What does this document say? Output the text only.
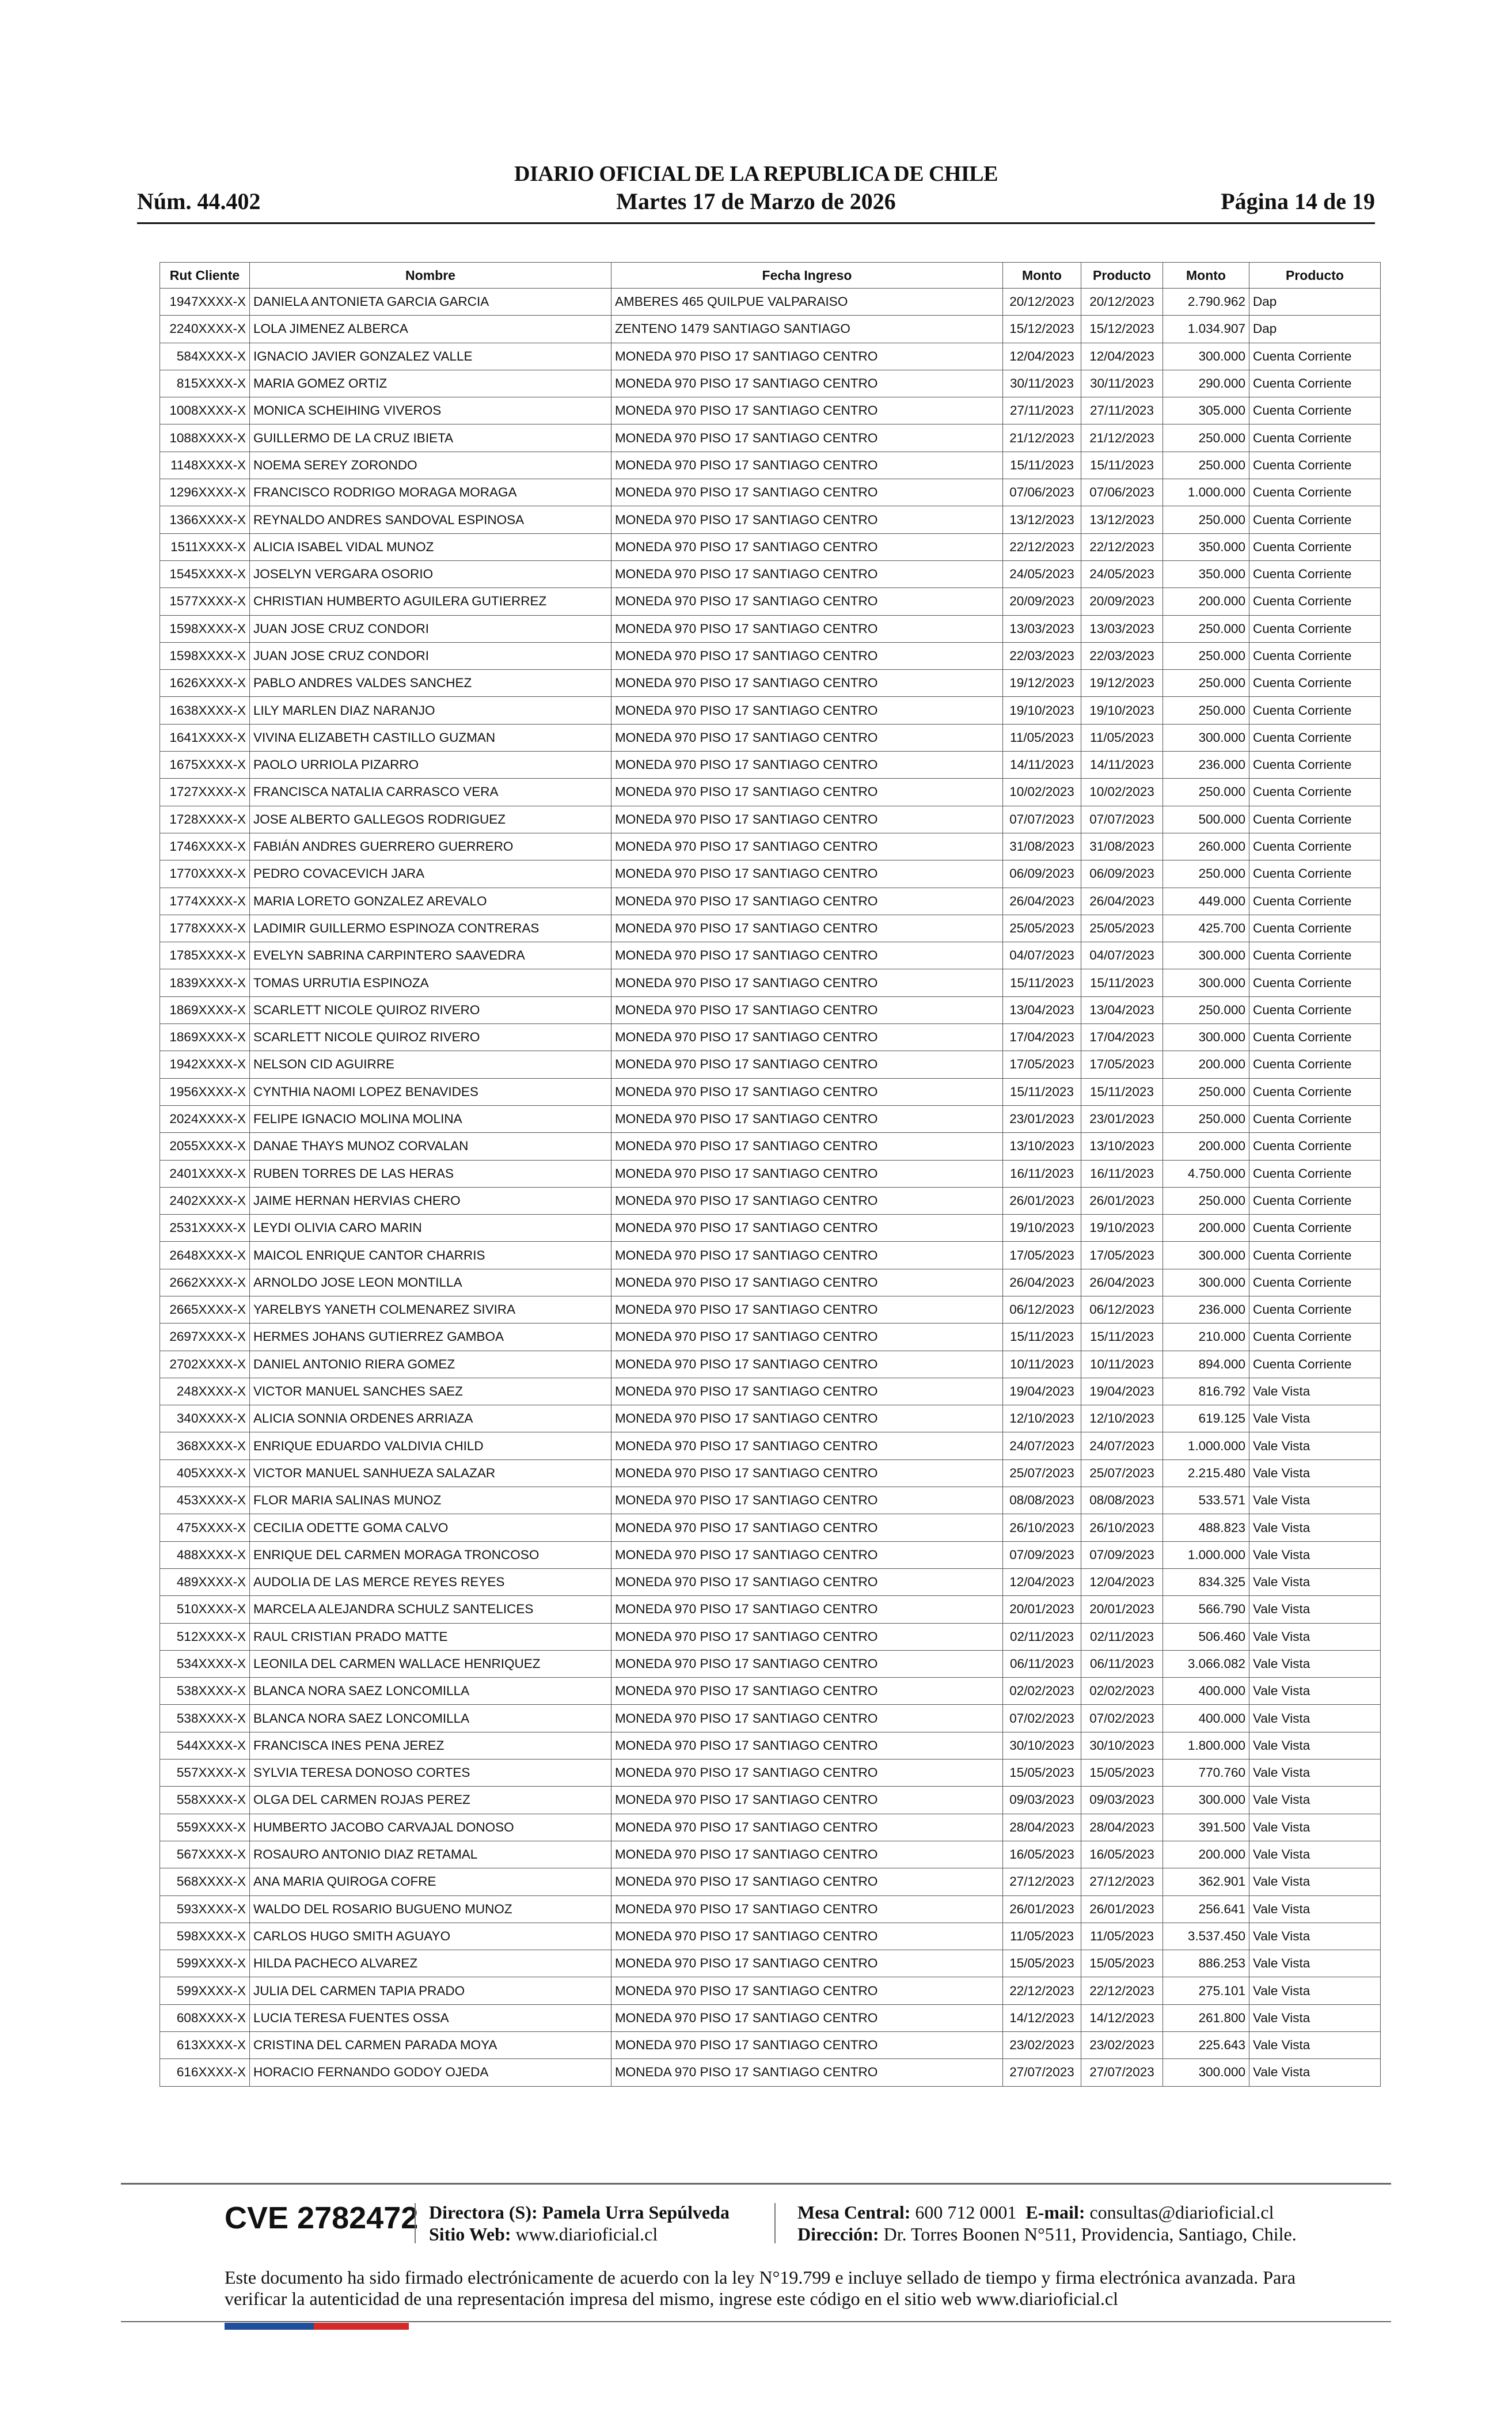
DIARIO OFICIAL DE LA REPUBLICA DE CHILE
Núm. 44.402	Martes 17 de Marzo de 2026	Página 14 de 19
Rut Cliente	Nombre	Fecha Ingreso	Monto	Producto	Monto	Producto
1947XXXX-X	DANIELA ANTONIETA GARCIA GARCIA	AMBERES 465 QUILPUE VALPARAISO	20/12/2023	20/12/2023	2.790.962	Dap
2240XXXX-X	LOLA JIMENEZ ALBERCA	ZENTENO 1479 SANTIAGO SANTIAGO	15/12/2023	15/12/2023	1.034.907	Dap
584XXXX-X	IGNACIO JAVIER GONZALEZ VALLE	MONEDA 970 PISO 17 SANTIAGO CENTRO	12/04/2023	12/04/2023	300.000	Cuenta Corriente
815XXXX-X	MARIA GOMEZ ORTIZ	MONEDA 970 PISO 17 SANTIAGO CENTRO	30/11/2023	30/11/2023	290.000	Cuenta Corriente
1008XXXX-X	MONICA SCHEIHING VIVEROS	MONEDA 970 PISO 17 SANTIAGO CENTRO	27/11/2023	27/11/2023	305.000	Cuenta Corriente
1088XXXX-X	GUILLERMO DE LA CRUZ IBIETA	MONEDA 970 PISO 17 SANTIAGO CENTRO	21/12/2023	21/12/2023	250.000	Cuenta Corriente
1148XXXX-X	NOEMA SEREY ZORONDO	MONEDA 970 PISO 17 SANTIAGO CENTRO	15/11/2023	15/11/2023	250.000	Cuenta Corriente
1296XXXX-X	FRANCISCO RODRIGO MORAGA MORAGA	MONEDA 970 PISO 17 SANTIAGO CENTRO	07/06/2023	07/06/2023	1.000.000	Cuenta Corriente
1366XXXX-X	REYNALDO ANDRES SANDOVAL ESPINOSA	MONEDA 970 PISO 17 SANTIAGO CENTRO	13/12/2023	13/12/2023	250.000	Cuenta Corriente
1511XXXX-X	ALICIA ISABEL VIDAL MUNOZ	MONEDA 970 PISO 17 SANTIAGO CENTRO	22/12/2023	22/12/2023	350.000	Cuenta Corriente
1545XXXX-X	JOSELYN VERGARA OSORIO	MONEDA 970 PISO 17 SANTIAGO CENTRO	24/05/2023	24/05/2023	350.000	Cuenta Corriente
1577XXXX-X	CHRISTIAN HUMBERTO AGUILERA GUTIERREZ	MONEDA 970 PISO 17 SANTIAGO CENTRO	20/09/2023	20/09/2023	200.000	Cuenta Corriente
1598XXXX-X	JUAN JOSE CRUZ CONDORI	MONEDA 970 PISO 17 SANTIAGO CENTRO	13/03/2023	13/03/2023	250.000	Cuenta Corriente
1598XXXX-X	JUAN JOSE CRUZ CONDORI	MONEDA 970 PISO 17 SANTIAGO CENTRO	22/03/2023	22/03/2023	250.000	Cuenta Corriente
1626XXXX-X	PABLO ANDRES VALDES SANCHEZ	MONEDA 970 PISO 17 SANTIAGO CENTRO	19/12/2023	19/12/2023	250.000	Cuenta Corriente
1638XXXX-X	LILY MARLEN DIAZ NARANJO	MONEDA 970 PISO 17 SANTIAGO CENTRO	19/10/2023	19/10/2023	250.000	Cuenta Corriente
1641XXXX-X	VIVINA ELIZABETH CASTILLO GUZMAN	MONEDA 970 PISO 17 SANTIAGO CENTRO	11/05/2023	11/05/2023	300.000	Cuenta Corriente
1675XXXX-X	PAOLO URRIOLA PIZARRO	MONEDA 970 PISO 17 SANTIAGO CENTRO	14/11/2023	14/11/2023	236.000	Cuenta Corriente
1727XXXX-X	FRANCISCA NATALIA CARRASCO VERA	MONEDA 970 PISO 17 SANTIAGO CENTRO	10/02/2023	10/02/2023	250.000	Cuenta Corriente
1728XXXX-X	JOSE ALBERTO GALLEGOS RODRIGUEZ	MONEDA 970 PISO 17 SANTIAGO CENTRO	07/07/2023	07/07/2023	500.000	Cuenta Corriente
1746XXXX-X	FABIÁN ANDRES GUERRERO GUERRERO	MONEDA 970 PISO 17 SANTIAGO CENTRO	31/08/2023	31/08/2023	260.000	Cuenta Corriente
1770XXXX-X	PEDRO COVACEVICH JARA	MONEDA 970 PISO 17 SANTIAGO CENTRO	06/09/2023	06/09/2023	250.000	Cuenta Corriente
1774XXXX-X	MARIA LORETO GONZALEZ AREVALO	MONEDA 970 PISO 17 SANTIAGO CENTRO	26/04/2023	26/04/2023	449.000	Cuenta Corriente
1778XXXX-X	LADIMIR GUILLERMO ESPINOZA CONTRERAS	MONEDA 970 PISO 17 SANTIAGO CENTRO	25/05/2023	25/05/2023	425.700	Cuenta Corriente
1785XXXX-X	EVELYN SABRINA CARPINTERO SAAVEDRA	MONEDA 970 PISO 17 SANTIAGO CENTRO	04/07/2023	04/07/2023	300.000	Cuenta Corriente
1839XXXX-X	TOMAS URRUTIA ESPINOZA	MONEDA 970 PISO 17 SANTIAGO CENTRO	15/11/2023	15/11/2023	300.000	Cuenta Corriente
1869XXXX-X	SCARLETT NICOLE QUIROZ RIVERO	MONEDA 970 PISO 17 SANTIAGO CENTRO	13/04/2023	13/04/2023	250.000	Cuenta Corriente
1869XXXX-X	SCARLETT NICOLE QUIROZ RIVERO	MONEDA 970 PISO 17 SANTIAGO CENTRO	17/04/2023	17/04/2023	300.000	Cuenta Corriente
1942XXXX-X	NELSON CID AGUIRRE	MONEDA 970 PISO 17 SANTIAGO CENTRO	17/05/2023	17/05/2023	200.000	Cuenta Corriente
1956XXXX-X	CYNTHIA NAOMI LOPEZ BENAVIDES	MONEDA 970 PISO 17 SANTIAGO CENTRO	15/11/2023	15/11/2023	250.000	Cuenta Corriente
2024XXXX-X	FELIPE IGNACIO MOLINA MOLINA	MONEDA 970 PISO 17 SANTIAGO CENTRO	23/01/2023	23/01/2023	250.000	Cuenta Corriente
2055XXXX-X	DANAE THAYS MUNOZ CORVALAN	MONEDA 970 PISO 17 SANTIAGO CENTRO	13/10/2023	13/10/2023	200.000	Cuenta Corriente
2401XXXX-X	RUBEN TORRES DE LAS HERAS	MONEDA 970 PISO 17 SANTIAGO CENTRO	16/11/2023	16/11/2023	4.750.000	Cuenta Corriente
2402XXXX-X	JAIME HERNAN HERVIAS CHERO	MONEDA 970 PISO 17 SANTIAGO CENTRO	26/01/2023	26/01/2023	250.000	Cuenta Corriente
2531XXXX-X	LEYDI OLIVIA CARO MARIN	MONEDA 970 PISO 17 SANTIAGO CENTRO	19/10/2023	19/10/2023	200.000	Cuenta Corriente
2648XXXX-X	MAICOL ENRIQUE CANTOR CHARRIS	MONEDA 970 PISO 17 SANTIAGO CENTRO	17/05/2023	17/05/2023	300.000	Cuenta Corriente
2662XXXX-X	ARNOLDO JOSE LEON MONTILLA	MONEDA 970 PISO 17 SANTIAGO CENTRO	26/04/2023	26/04/2023	300.000	Cuenta Corriente
2665XXXX-X	YARELBYS YANETH COLMENAREZ SIVIRA	MONEDA 970 PISO 17 SANTIAGO CENTRO	06/12/2023	06/12/2023	236.000	Cuenta Corriente
2697XXXX-X	HERMES JOHANS GUTIERREZ GAMBOA	MONEDA 970 PISO 17 SANTIAGO CENTRO	15/11/2023	15/11/2023	210.000	Cuenta Corriente
2702XXXX-X	DANIEL ANTONIO RIERA GOMEZ	MONEDA 970 PISO 17 SANTIAGO CENTRO	10/11/2023	10/11/2023	894.000	Cuenta Corriente
248XXXX-X	VICTOR MANUEL SANCHES SAEZ	MONEDA 970 PISO 17 SANTIAGO CENTRO	19/04/2023	19/04/2023	816.792	Vale Vista
340XXXX-X	ALICIA SONNIA ORDENES ARRIAZA	MONEDA 970 PISO 17 SANTIAGO CENTRO	12/10/2023	12/10/2023	619.125	Vale Vista
368XXXX-X	ENRIQUE EDUARDO VALDIVIA CHILD	MONEDA 970 PISO 17 SANTIAGO CENTRO	24/07/2023	24/07/2023	1.000.000	Vale Vista
405XXXX-X	VICTOR MANUEL SANHUEZA SALAZAR	MONEDA 970 PISO 17 SANTIAGO CENTRO	25/07/2023	25/07/2023	2.215.480	Vale Vista
453XXXX-X	FLOR MARIA SALINAS MUNOZ	MONEDA 970 PISO 17 SANTIAGO CENTRO	08/08/2023	08/08/2023	533.571	Vale Vista
475XXXX-X	CECILIA ODETTE GOMA CALVO	MONEDA 970 PISO 17 SANTIAGO CENTRO	26/10/2023	26/10/2023	488.823	Vale Vista
488XXXX-X	ENRIQUE DEL CARMEN MORAGA TRONCOSO	MONEDA 970 PISO 17 SANTIAGO CENTRO	07/09/2023	07/09/2023	1.000.000	Vale Vista
489XXXX-X	AUDOLIA DE LAS MERCE REYES REYES	MONEDA 970 PISO 17 SANTIAGO CENTRO	12/04/2023	12/04/2023	834.325	Vale Vista
510XXXX-X	MARCELA ALEJANDRA SCHULZ SANTELICES	MONEDA 970 PISO 17 SANTIAGO CENTRO	20/01/2023	20/01/2023	566.790	Vale Vista
512XXXX-X	RAUL CRISTIAN PRADO MATTE	MONEDA 970 PISO 17 SANTIAGO CENTRO	02/11/2023	02/11/2023	506.460	Vale Vista
534XXXX-X	LEONILA DEL CARMEN WALLACE HENRIQUEZ	MONEDA 970 PISO 17 SANTIAGO CENTRO	06/11/2023	06/11/2023	3.066.082	Vale Vista
538XXXX-X	BLANCA NORA SAEZ LONCOMILLA	MONEDA 970 PISO 17 SANTIAGO CENTRO	02/02/2023	02/02/2023	400.000	Vale Vista
538XXXX-X	BLANCA NORA SAEZ LONCOMILLA	MONEDA 970 PISO 17 SANTIAGO CENTRO	07/02/2023	07/02/2023	400.000	Vale Vista
544XXXX-X	FRANCISCA INES PENA JEREZ	MONEDA 970 PISO 17 SANTIAGO CENTRO	30/10/2023	30/10/2023	1.800.000	Vale Vista
557XXXX-X	SYLVIA TERESA DONOSO CORTES	MONEDA 970 PISO 17 SANTIAGO CENTRO	15/05/2023	15/05/2023	770.760	Vale Vista
558XXXX-X	OLGA DEL CARMEN ROJAS PEREZ	MONEDA 970 PISO 17 SANTIAGO CENTRO	09/03/2023	09/03/2023	300.000	Vale Vista
559XXXX-X	HUMBERTO JACOBO CARVAJAL DONOSO	MONEDA 970 PISO 17 SANTIAGO CENTRO	28/04/2023	28/04/2023	391.500	Vale Vista
567XXXX-X	ROSAURO ANTONIO DIAZ RETAMAL	MONEDA 970 PISO 17 SANTIAGO CENTRO	16/05/2023	16/05/2023	200.000	Vale Vista
568XXXX-X	ANA MARIA QUIROGA COFRE	MONEDA 970 PISO 17 SANTIAGO CENTRO	27/12/2023	27/12/2023	362.901	Vale Vista
593XXXX-X	WALDO DEL ROSARIO BUGUENO MUNOZ	MONEDA 970 PISO 17 SANTIAGO CENTRO	26/01/2023	26/01/2023	256.641	Vale Vista
598XXXX-X	CARLOS HUGO SMITH AGUAYO	MONEDA 970 PISO 17 SANTIAGO CENTRO	11/05/2023	11/05/2023	3.537.450	Vale Vista
599XXXX-X	HILDA PACHECO ALVAREZ	MONEDA 970 PISO 17 SANTIAGO CENTRO	15/05/2023	15/05/2023	886.253	Vale Vista
599XXXX-X	JULIA DEL CARMEN TAPIA PRADO	MONEDA 970 PISO 17 SANTIAGO CENTRO	22/12/2023	22/12/2023	275.101	Vale Vista
608XXXX-X	LUCIA TERESA FUENTES OSSA	MONEDA 970 PISO 17 SANTIAGO CENTRO	14/12/2023	14/12/2023	261.800	Vale Vista
613XXXX-X	CRISTINA DEL CARMEN PARADA MOYA	MONEDA 970 PISO 17 SANTIAGO CENTRO	23/02/2023	23/02/2023	225.643	Vale Vista
616XXXX-X	HORACIO FERNANDO GODOY OJEDA	MONEDA 970 PISO 17 SANTIAGO CENTRO	27/07/2023	27/07/2023	300.000	Vale Vista
CVE 2782472 Directora (S): Pamela Urra Sepúlveda
Sitio Web: www.diarioficial.cl
Mesa Central: 600 712 0001 E-mail: consultas@diarioficial.cl
Dirección: Dr. Torres Boonen N°511, Providencia, Santiago, Chile.
Este documento ha sido firmado electrónicamente de acuerdo con la ley N°19.799 e incluye sellado de tiempo y firma electrónica avanzada. Para verificar la autenticidad de una representación impresa del mismo, ingrese este código en el sitio web www.diarioficial.cl
